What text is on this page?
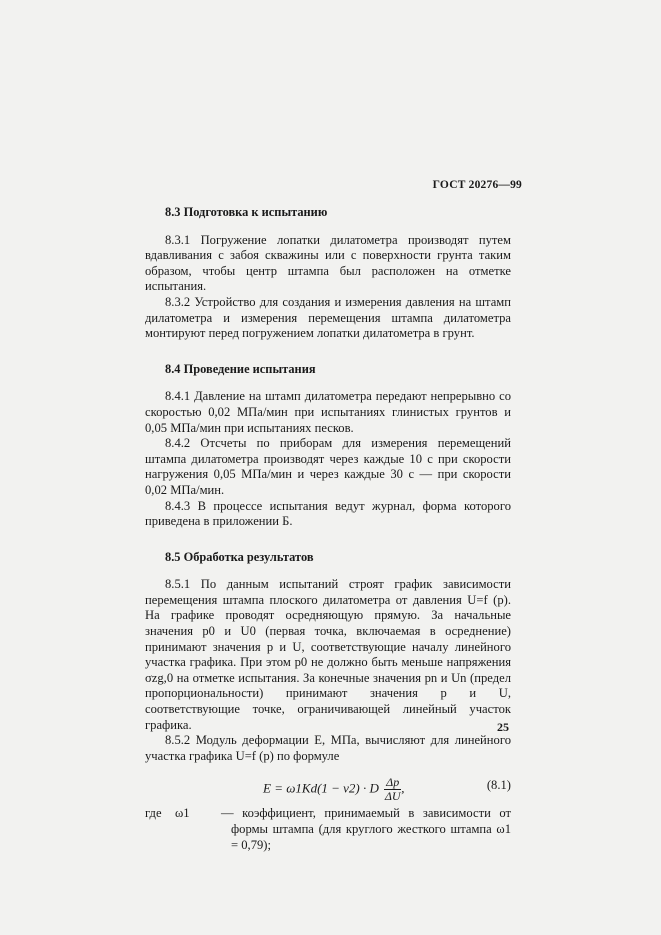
ГОСТ 20276—99
8.3 Подготовка к испытанию

8.3.1 Погружение лопатки дилатометра производят путем вдавливания с забоя скважины или с поверхности грунта таким образом, чтобы центр штампа был расположен на отметке испытания.

8.3.2 Устройство для создания и измерения давления на штамп дилатометра и измерения перемещения штампа дилатометра монтируют перед погружением лопатки дилатометра в грунт.

8.4 Проведение испытания

8.4.1 Давление на штамп дилатометра передают непрерывно со скоростью 0,02 МПа/мин при испытаниях глинистых грунтов и 0,05 МПа/мин при испытаниях песков.

8.4.2 Отсчеты по приборам для измерения перемещений штампа дилатометра производят через каждые 10 с при скорости нагружения 0,05 МПа/мин и через каждые 30 с — при скорости 0,02 МПа/мин.

8.4.3 В процессе испытания ведут журнал, форма которого приведена в приложении Б.

8.5 Обработка результатов

8.5.1 По данным испытаний строят график зависимости перемещения штампа плоского дилатометра от давления U=f (p). На графике проводят осредняющую прямую. За начальные значения p0 и U0 (первая точка, включаемая в осреднение) принимают значения p и U, соответствующие началу линейного участка графика. При этом p0 не должно быть меньше напряжения σzg,0 на отметке испытания. За конечные значения pn и Un (предел пропорциональности) принимают значения p и U, соответствующие точке, ограничивающей линейный участок графика.

8.5.2 Модуль деформации E, МПа, вычисляют для линейного участка графика U=f (p) по формуле

E = ω1Kd(1 − ν2) · D $\frac{\Delta p}{\Delta U}$ ,	(8.1)
где ω1 — коэффициент, принимаемый в зависимости от формы штампа (для круглого жесткого штампа ω1 = 0,79);
25
